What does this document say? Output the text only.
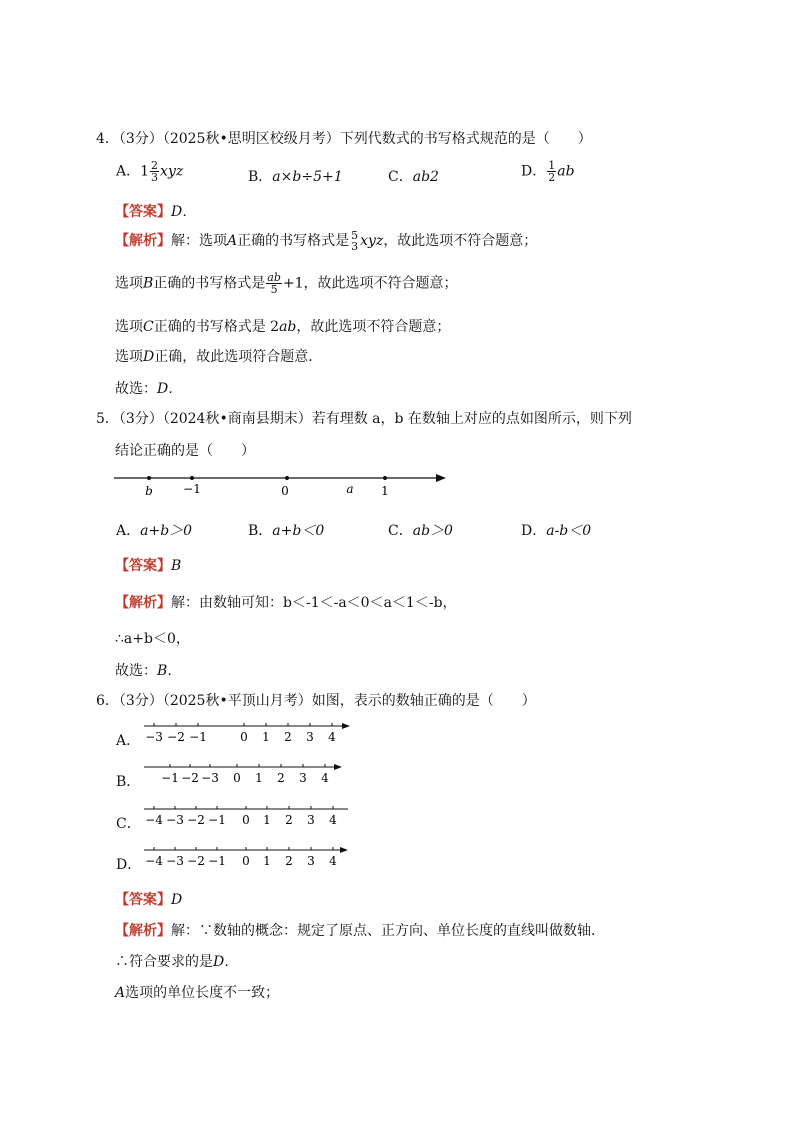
4．（3分）（2025秋•思明区校级月考）下列代数式的书写格式规范的是（　　）
A．$1 \frac{2}{3}$ xyz	B．a×b÷5+1	C．ab2	D． $\frac{1}{2}$ ab
【答案】D．
【解析】解：选项A正确的书写格式是 5
3 xyz，故此选项不符合题意；
选项B正确的书写格式是 $\frac{ab}{5} +1$，故此选项不符合题意；
选项C正确的书写格式是 2ab，故此选项不符合题意；
选项D正确，故此选项符合题意．
故选：D．
5．（3分）（2024秋•商南县期末）若有理数 a，b 在数轴上对应的点如图所示，则下列
结论正确的是（　　）
b	−1	0	a 1
A．a+b＞0	B．a+b＜0	C．ab＞0	D．a-b＜0
【答案】B
【解析】解：由数轴可知：b＜-1＜-a＜0＜a＜1＜-b，
∴a+b＜0，
故选：B．
6．（3分）（2025秋•平顶山月考）如图，表示的数轴正确的是（　　）
A． −3 −2 −1	0 1 2 3 4
B． −1 −2 −3 0 1 2 3 4
C． −4 −3 −2 −1 0 1 2 3 4
D． −4 −3 −2 −1 0 1 2 3 4
【答案】D
【解析】解：∵数轴的概念：规定了原点、正方向、单位长度的直线叫做数轴．
∴符合要求的是D．
A选项的单位长度不一致；
